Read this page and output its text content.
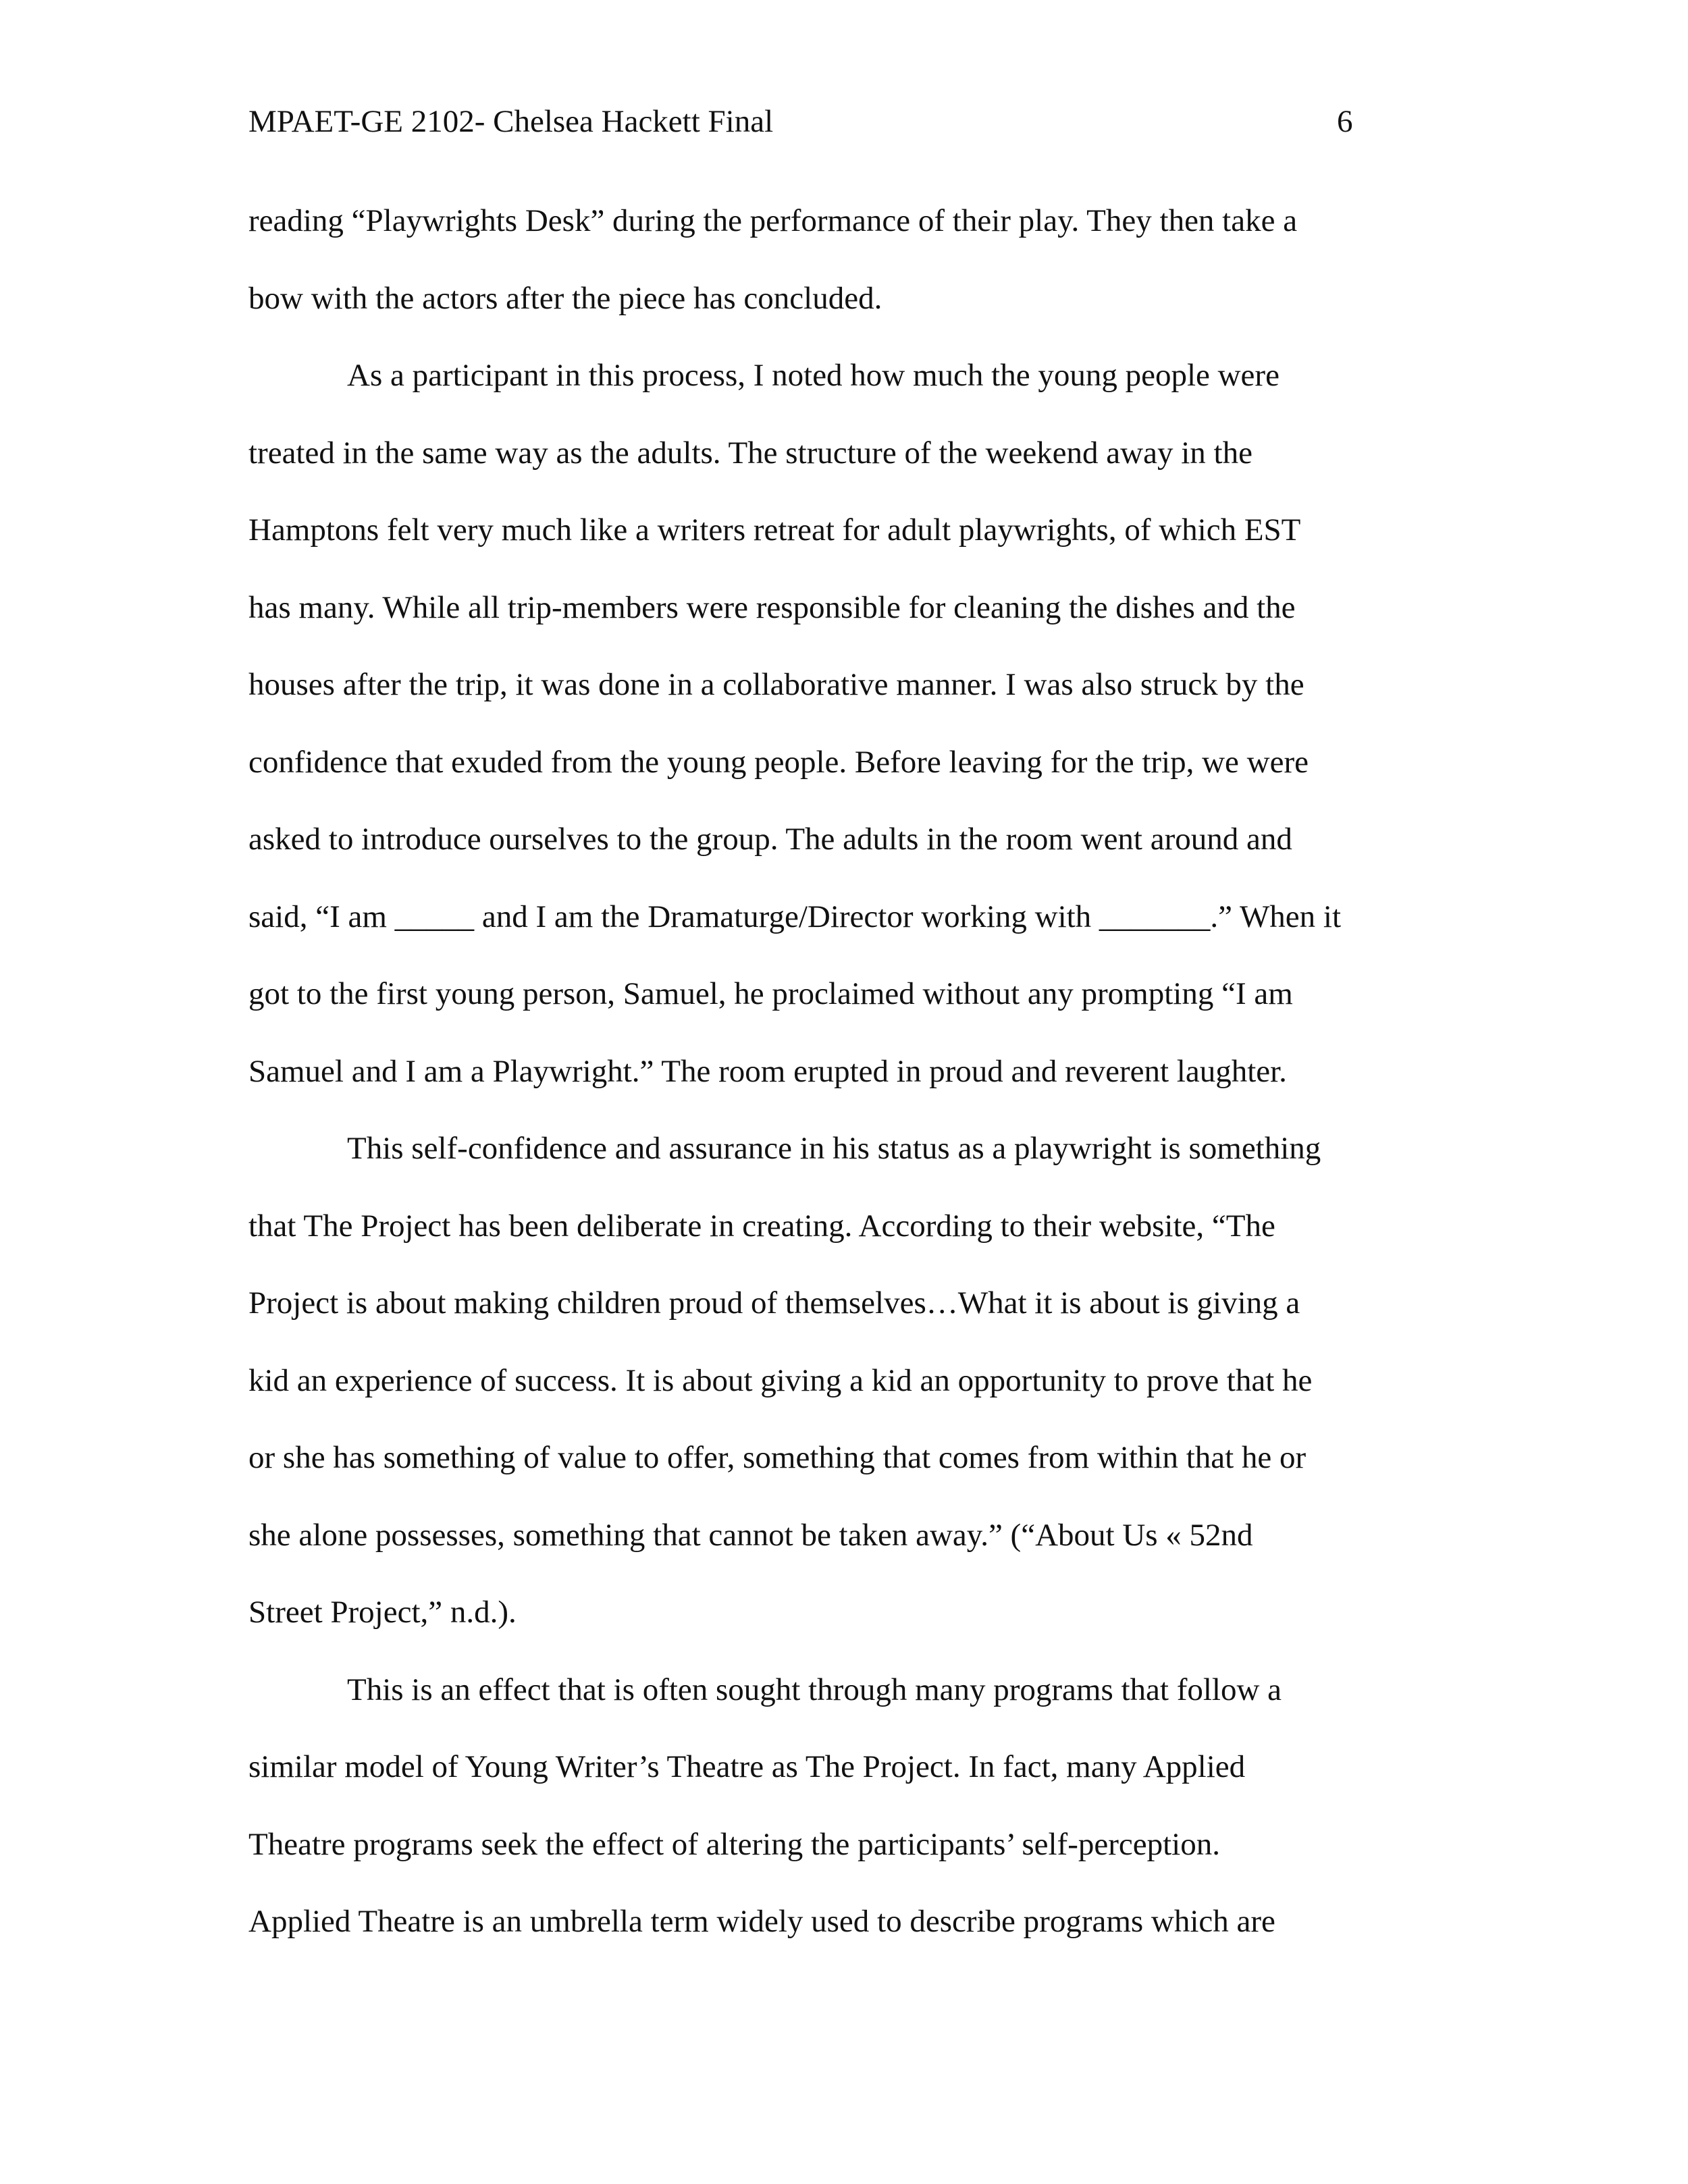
MPAET-GE 2102- Chelsea Hackett Final	6
reading “Playwrights Desk” during the performance of their play. They then take a
bow with the actors after the piece has concluded.
As a participant in this process, I noted how much the young people were
treated in the same way as the adults. The structure of the weekend away in the
Hamptons felt very much like a writers retreat for adult playwrights, of which EST
has many. While all trip-members were responsible for cleaning the dishes and the
houses after the trip, it was done in a collaborative manner. I was also struck by the
confidence that exuded from the young people. Before leaving for the trip, we were
asked to introduce ourselves to the group. The adults in the room went around and
said, “I am _____ and I am the Dramaturge/Director working with _______.” When it
got to the first young person, Samuel, he proclaimed without any prompting “I am
Samuel and I am a Playwright.” The room erupted in proud and reverent laughter.
This self-confidence and assurance in his status as a playwright is something
that The Project has been deliberate in creating. According to their website, “The
Project is about making children proud of themselves…What it is about is giving a
kid an experience of success. It is about giving a kid an opportunity to prove that he
or she has something of value to offer, something that comes from within that he or
she alone possesses, something that cannot be taken away.” (“About Us « 52nd
Street Project,” n.d.).
This is an effect that is often sought through many programs that follow a
similar model of Young Writer’s Theatre as The Project. In fact, many Applied
Theatre programs seek the effect of altering the participants’ self-perception.
Applied Theatre is an umbrella term widely used to describe programs which are
